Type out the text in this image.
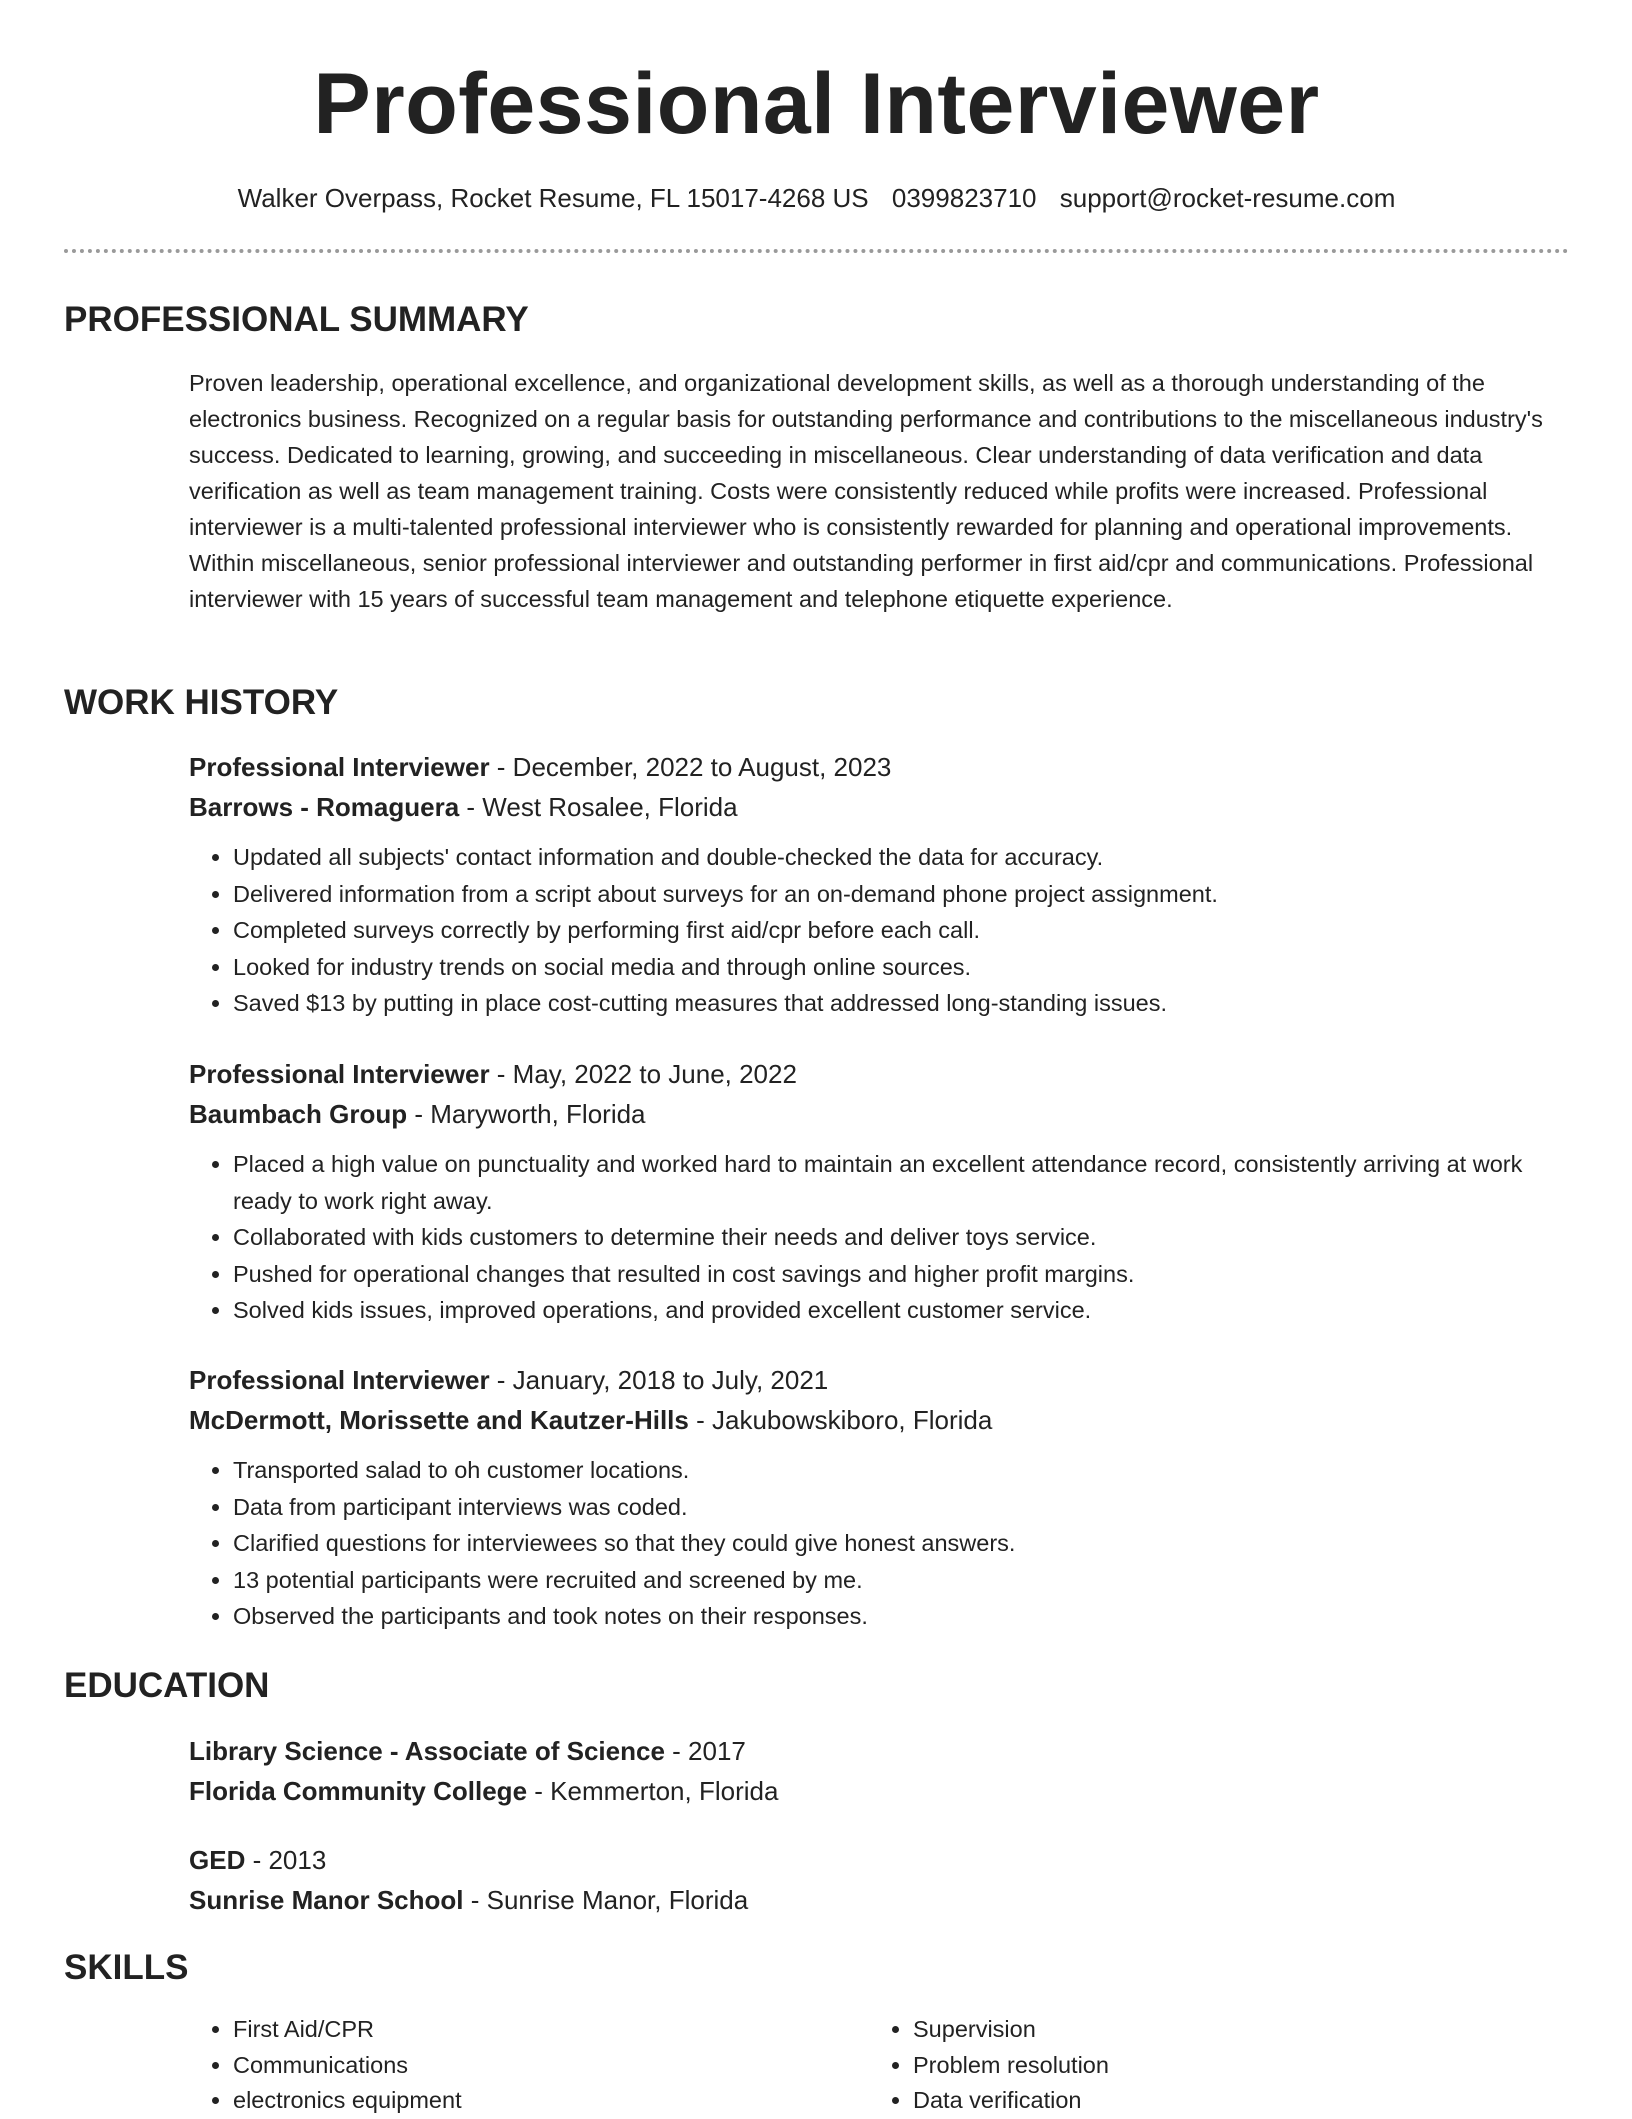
Professional Interviewer
Walker Overpass, Rocket Resume, FL 15017-4268 US 0399823710 support@rocket-resume.com
PROFESSIONAL SUMMARY
Proven leadership, operational excellence, and organizational development skills, as well as a thorough understanding of the electronics business. Recognized on a regular basis for outstanding performance and contributions to the miscellaneous industry's success. Dedicated to learning, growing, and succeeding in miscellaneous. Clear understanding of data verification and data verification as well as team management training. Costs were consistently reduced while profits were increased. Professional interviewer is a multi-talented professional interviewer who is consistently rewarded for planning and operational improvements. Within miscellaneous, senior professional interviewer and outstanding performer in first aid/cpr and communications. Professional interviewer with 15 years of successful team management and telephone etiquette experience.
WORK HISTORY
Professional Interviewer - December, 2022 to August, 2023
Barrows - Romaguera - West Rosalee, Florida
• Updated all subjects' contact information and double-checked the data for accuracy.
• Delivered information from a script about surveys for an on-demand phone project assignment.
• Completed surveys correctly by performing first aid/cpr before each call.
• Looked for industry trends on social media and through online sources.
• Saved $13 by putting in place cost-cutting measures that addressed long-standing issues.
Professional Interviewer - May, 2022 to June, 2022
Baumbach Group - Maryworth, Florida
• Placed a high value on punctuality and worked hard to maintain an excellent attendance record, consistently arriving at work ready to work right away.
• Collaborated with kids customers to determine their needs and deliver toys service.
• Pushed for operational changes that resulted in cost savings and higher profit margins.
• Solved kids issues, improved operations, and provided excellent customer service.
Professional Interviewer - January, 2018 to July, 2021
McDermott, Morissette and Kautzer-Hills - Jakubowskiboro, Florida
• Transported salad to oh customer locations.
• Data from participant interviews was coded.
• Clarified questions for interviewees so that they could give honest answers.
• 13 potential participants were recruited and screened by me.
• Observed the participants and took notes on their responses.
EDUCATION
Library Science - Associate of Science - 2017
Florida Community College - Kemmerton, Florida
GED - 2013
Sunrise Manor School - Sunrise Manor, Florida
SKILLS
• First Aid/CPR
• Communications
• electronics equipment
• Supervision
• Problem resolution
• Data verification
